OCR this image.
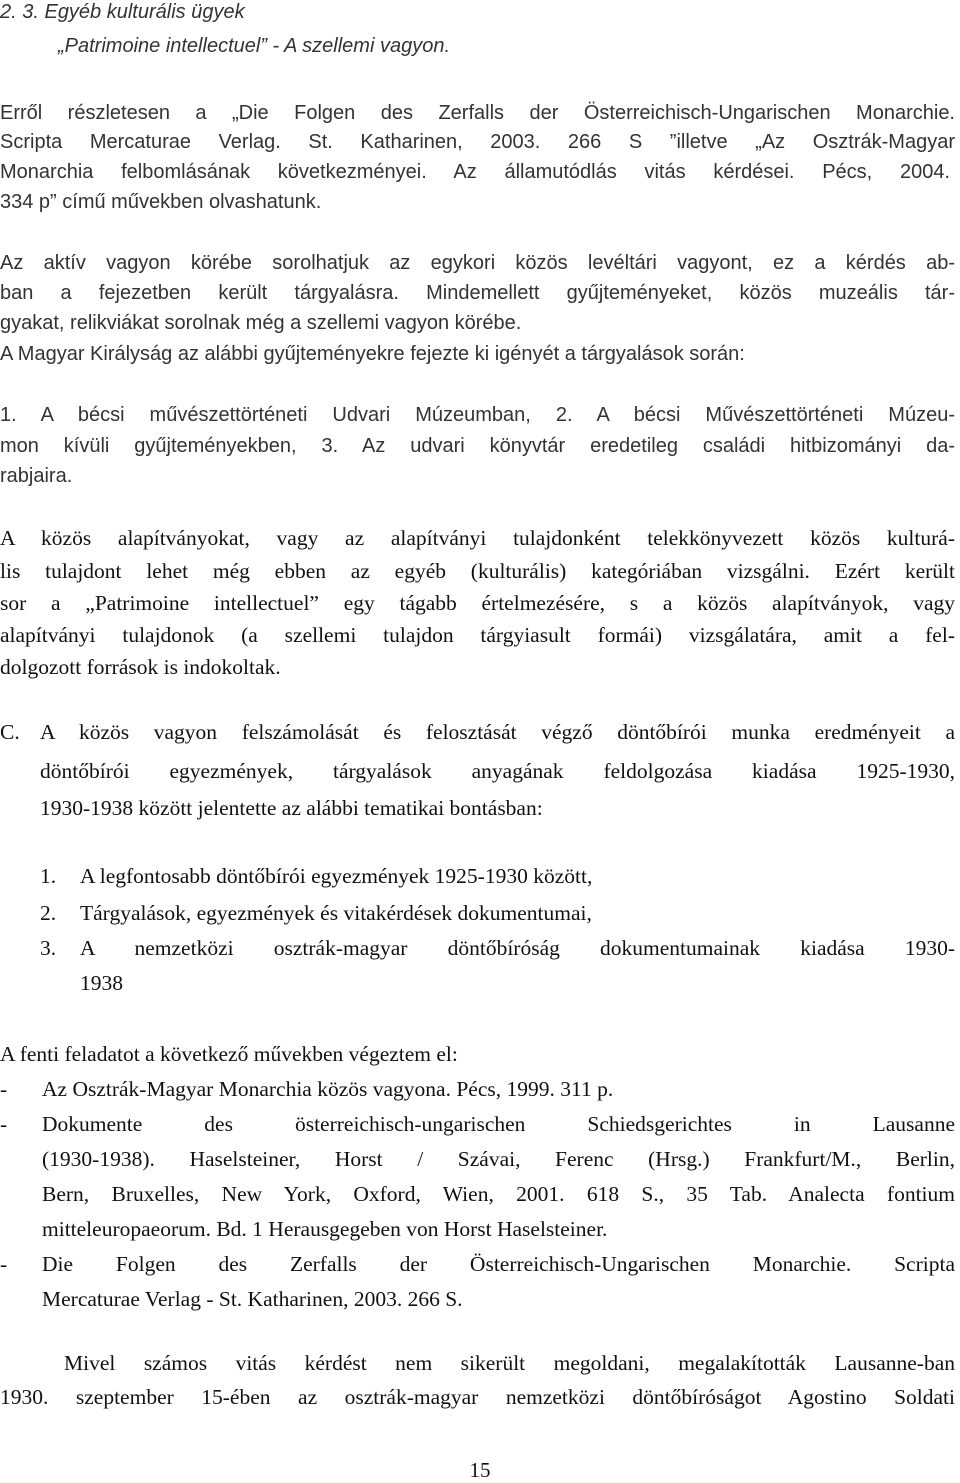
2. 3. Egyéb kulturális ügyek
„Patrimoine intellectuel” - A szellemi vagyon.
Erről részletesen a „Die Folgen des Zerfalls der Österreichisch-Ungarischen Monarchie.
Scripta Mercaturae Verlag. St. Katharinen, 2003. 266 S ”illetve „Az Osztrák-Magyar
Monarchia felbomlásának következményei. Az államutódlás vitás kérdései. Pécs, 2004.
334 p” című művekben olvashatunk.
Az aktív vagyon körébe sorolhatjuk az egykori közös levéltári vagyont, ez a kérdés ab-
ban a fejezetben került tárgyalásra. Mindemellett gyűjteményeket, közös muzeális tár-
gyakat, relikviákat sorolnak még a szellemi vagyon körébe.
A Magyar Királyság az alábbi gyűjteményekre fejezte ki igényét a tárgyalások során:
1. A bécsi művészettörténeti Udvari Múzeumban, 2. A bécsi Művészettörténeti Múzeu-
mon kívüli gyűjteményekben, 3. Az udvari könyvtár eredetileg családi hitbizományi da-
rabjaira.
A közös alapítványokat, vagy az alapítványi tulajdonként telekkönyvezett közös kulturá-
lis tulajdont lehet még ebben az egyéb (kulturális) kategóriában vizsgálni. Ezért került
sor a „Patrimoine intellectuel” egy tágabb értelmezésére, s a közös alapítványok, vagy
alapítványi tulajdonok (a szellemi tulajdon tárgyiasult formái) vizsgálatára, amit a fel-
dolgozott források is indokoltak.
C. A közös vagyon felszámolását és felosztását végző döntőbírói munka eredményeit a
döntőbírói egyezmények, tárgyalások anyagának feldolgozása kiadása 1925-1930,
1930-1938 között jelentette az alábbi tematikai bontásban:
1. A legfontosabb döntőbírói egyezmények 1925-1930 között,
2. Tárgyalások, egyezmények és vitakérdések dokumentumai,
3. A nemzetközi osztrák-magyar döntőbíróság dokumentumainak kiadása 1930-
1938
A fenti feladatot a következő művekben végeztem el:
- Az Osztrák-Magyar Monarchia közös vagyona. Pécs, 1999. 311 p.
- Dokumente des österreichisch-ungarischen Schiedsgerichtes in Lausanne
(1930-1938). Haselsteiner, Horst / Szávai, Ferenc (Hrsg.) Frankfurt/M., Berlin,
Bern, Bruxelles, New York, Oxford, Wien, 2001. 618 S., 35 Tab. Analecta fontium
mitteleuropaeorum. Bd. 1 Herausgegeben von Horst Haselsteiner.
- Die Folgen des Zerfalls der Österreichisch-Ungarischen Monarchie. Scripta
Mercaturae Verlag - St. Katharinen, 2003. 266 S.
Mivel számos vitás kérdést nem sikerült megoldani, megalakították Lausanne-ban
1930. szeptember 15-ében az osztrák-magyar nemzetközi döntőbíróságot Agostino Soldati
15
